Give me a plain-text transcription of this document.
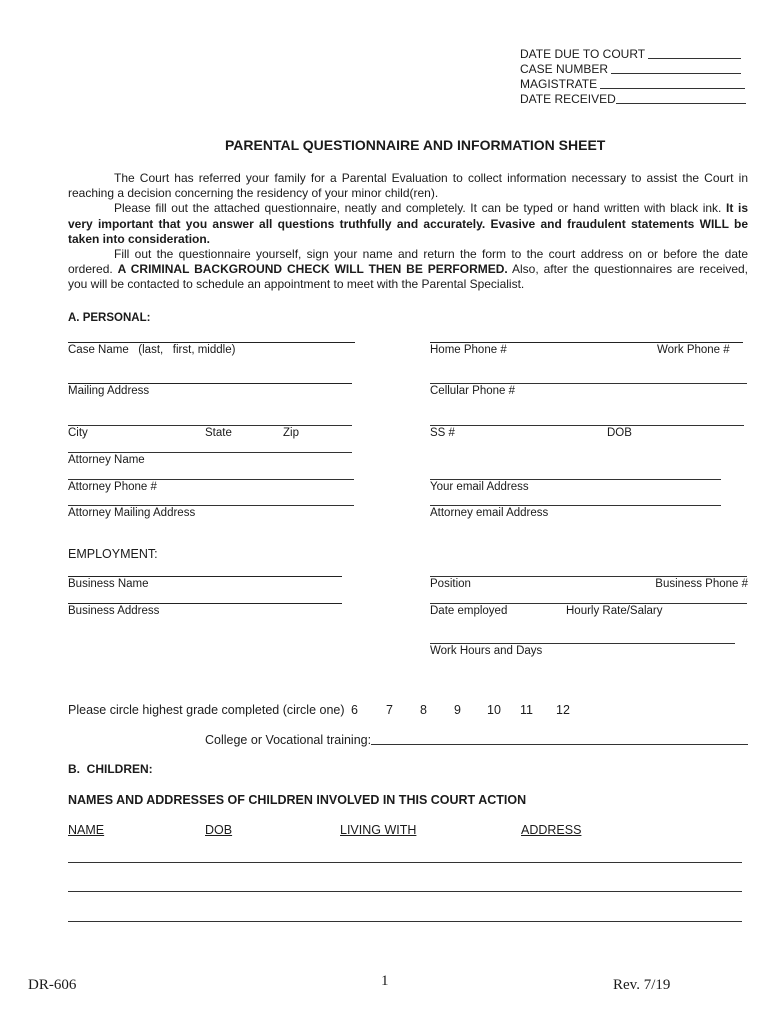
DATE DUE TO COURT
CASE NUMBER
MAGISTRATE
DATE RECEIVED
PARENTAL QUESTIONNAIRE AND INFORMATION SHEET
The Court has referred your family for a Parental Evaluation to collect information necessary to assist the Court in
reaching a decision concerning the residency of your minor child(ren).
Please fill out the attached questionnaire, neatly and completely. It can be typed or hand written with black ink. It is
very important that you answer all questions truthfully and accurately. Evasive and fraudulent statements WILL be
taken into consideration.
Fill out the questionnaire yourself, sign your name and return the form to the court address on or before the date
ordered. A CRIMINAL BACKGROUND CHECK WILL THEN BE PERFORMED. Also, after the questionnaires are received,
you will be contacted to schedule an appointment to meet with the Parental Specialist.
A. PERSONAL:
Case Name   (last,   first, middle)
Mailing Address
City	State	Zip
Attorney Name
Attorney Phone #
Attorney Mailing Address
Home Phone #	Work Phone #
Cellular Phone #
SS #	DOB
Your email Address
Attorney email Address
EMPLOYMENT:
Business Name
Business Address
Position	Business Phone #
Date employed	Hourly Rate/Salary
Work Hours and Days
Please circle highest grade completed (circle one) 6 7 8 9 10 11 12
College or Vocational training:
B.  CHILDREN:
NAMES AND ADDRESSES OF CHILDREN INVOLVED IN THIS COURT ACTION
NAME	DOB	LIVING WITH	ADDRESS
DR-606	1	Rev. 7/19
